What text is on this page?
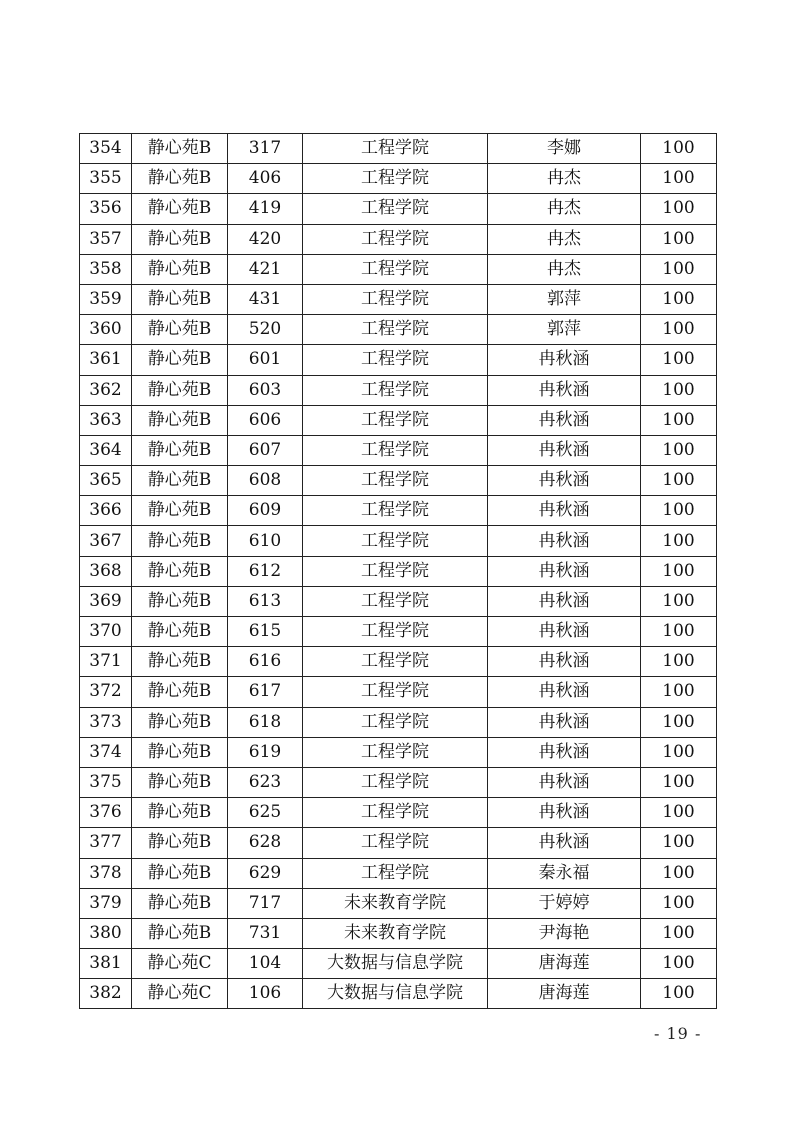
354	静心苑B	317	工程学院	李娜	100
355	静心苑B	406	工程学院	冉杰	100
356	静心苑B	419	工程学院	冉杰	100
357	静心苑B	420	工程学院	冉杰	100
358	静心苑B	421	工程学院	冉杰	100
359	静心苑B	431	工程学院	郭萍	100
360	静心苑B	520	工程学院	郭萍	100
361	静心苑B	601	工程学院	冉秋涵	100
362	静心苑B	603	工程学院	冉秋涵	100
363	静心苑B	606	工程学院	冉秋涵	100
364	静心苑B	607	工程学院	冉秋涵	100
365	静心苑B	608	工程学院	冉秋涵	100
366	静心苑B	609	工程学院	冉秋涵	100
367	静心苑B	610	工程学院	冉秋涵	100
368	静心苑B	612	工程学院	冉秋涵	100
369	静心苑B	613	工程学院	冉秋涵	100
370	静心苑B	615	工程学院	冉秋涵	100
371	静心苑B	616	工程学院	冉秋涵	100
372	静心苑B	617	工程学院	冉秋涵	100
373	静心苑B	618	工程学院	冉秋涵	100
374	静心苑B	619	工程学院	冉秋涵	100
375	静心苑B	623	工程学院	冉秋涵	100
376	静心苑B	625	工程学院	冉秋涵	100
377	静心苑B	628	工程学院	冉秋涵	100
378	静心苑B	629	工程学院	秦永福	100
379	静心苑B	717	未来教育学院	于婷婷	100
380	静心苑B	731	未来教育学院	尹海艳	100
381	静心苑C	104	大数据与信息学院	唐海莲	100
382	静心苑C	106	大数据与信息学院	唐海莲	100
- 19 -
